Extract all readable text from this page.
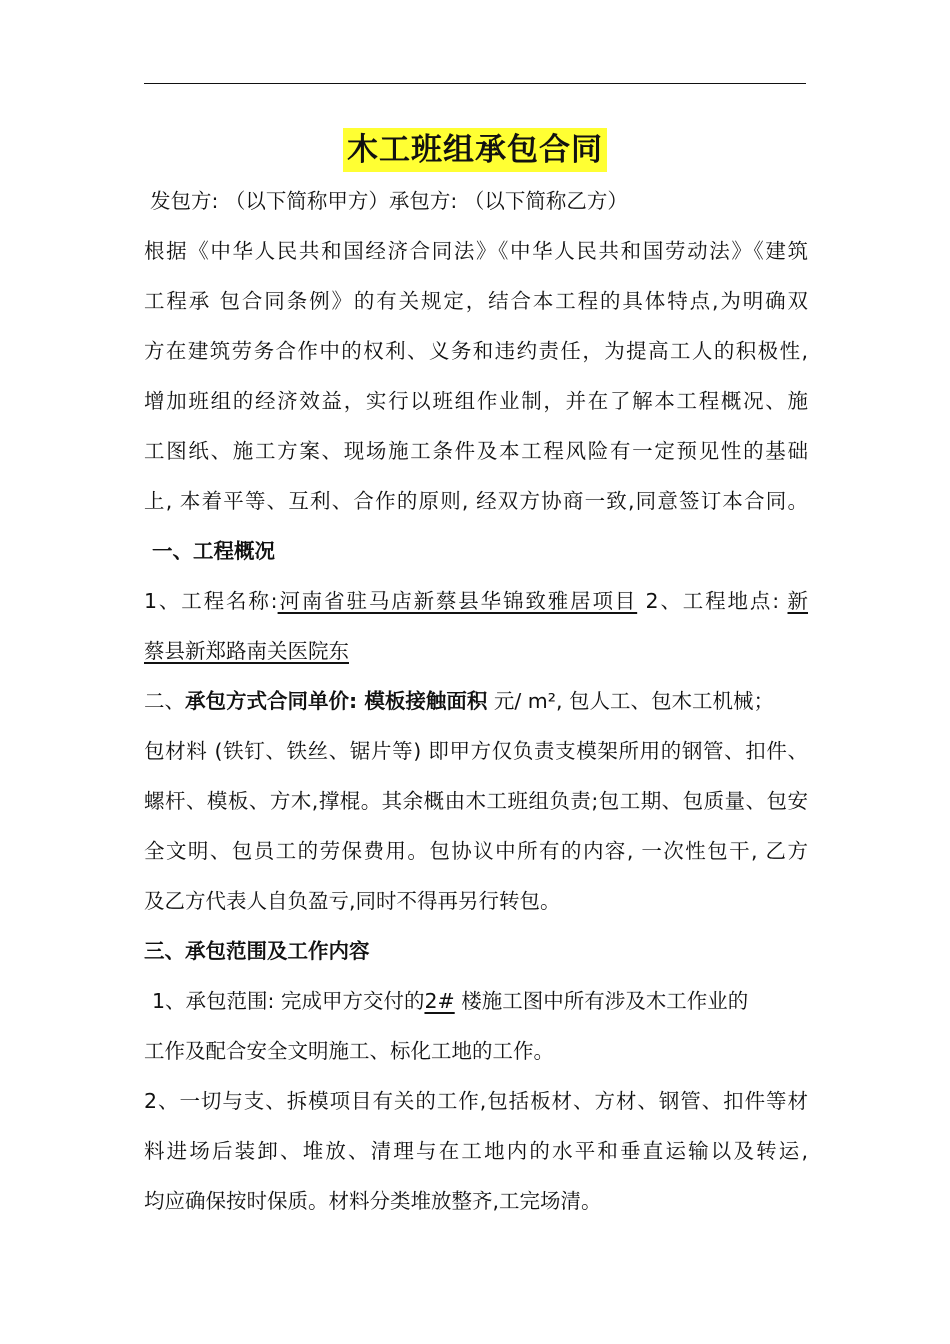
木工班组承包合同
发包方: （以下简称甲方）承包方: （以下简称乙方）
根据《中华人民共和国经济合同法》《中华人民共和国劳动法》《建筑
工程承 包合同条例》的有关规定，结合本工程的具体特点,为明确双
方在建筑劳务合作中的权利、义务和违约责任，为提高工人的积极性,
增加班组的经济效益，实行以班组作业制，并在了解本工程概况、施
工图纸、施工方案、现场施工条件及本工程风险有一定预见性的基础
上, 本着平等、互利、合作的原则, 经双方协商一致,同意签订本合同。
一、工程概况
1、工程名称:河南省驻马店新蔡县华锦致雅居项目 2、工程地点: 新
蔡县新郑路南关医院东
二、承包方式合同单价: 模板接触面积 元/ m², 包人工、包木工机械；
包材料 (铁钉、铁丝、锯片等) 即甲方仅负责支模架所用的钢管、扣件、
螺杆、模板、方木,撑棍。其余概由木工班组负责;包工期、包质量、包安
全文明、包员工的劳保费用。包协议中所有的内容, 一次性包干, 乙方
及乙方代表人自负盈亏,同时不得再另行转包。
三、承包范围及工作内容
1、承包范围: 完成甲方交付的2# 楼施工图中所有涉及木工作业的
工作及配合安全文明施工、标化工地的工作。
2、一切与支、拆模项目有关的工作,包括板材、方材、钢管、扣件等材
料进场后装卸、堆放、清理与在工地内的水平和垂直运输以及转运,
均应确保按时保质。材料分类堆放整齐,工完场清。
